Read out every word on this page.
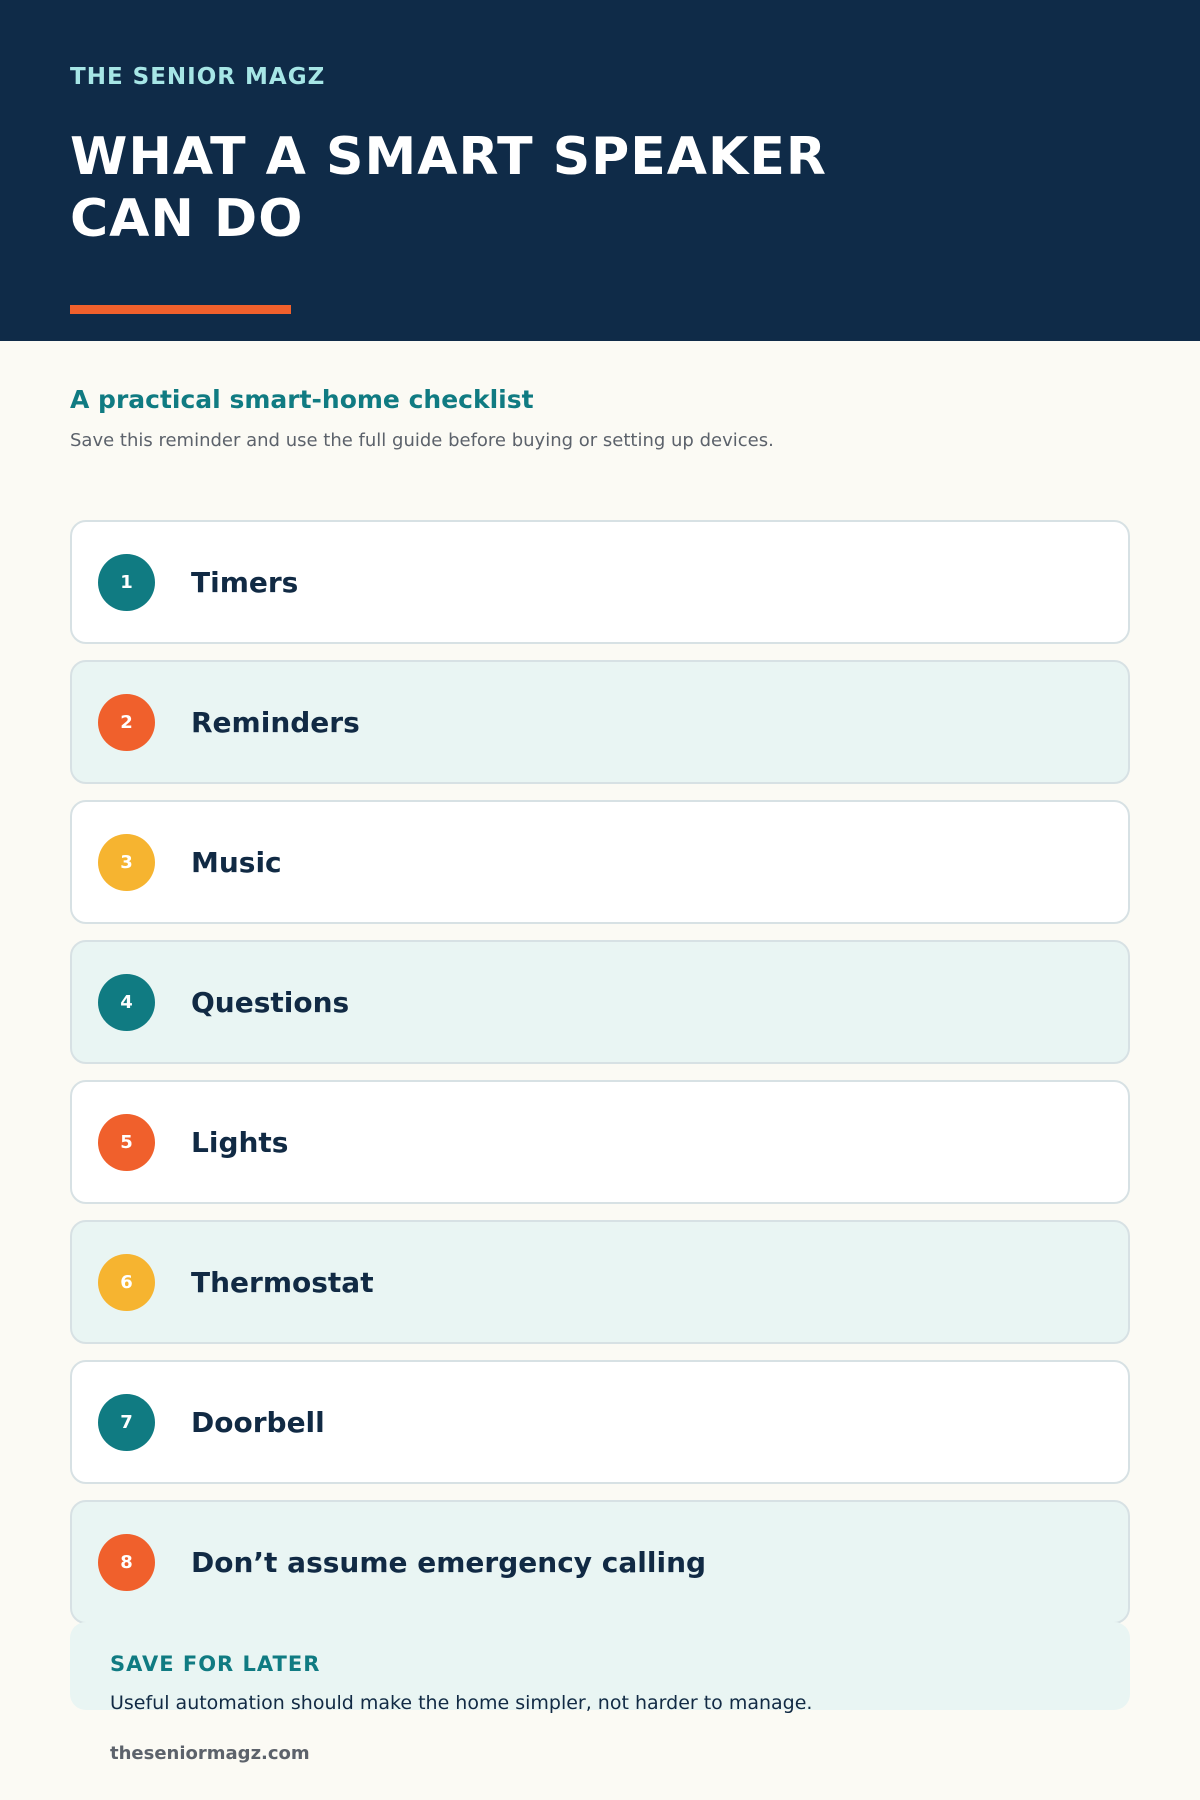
THE SENIOR MAGZ
WHAT A SMART SPEAKER CAN DO
A practical smart-home checklist
Save this reminder and use the full guide before buying or setting up devices.
1	Timers
2	Reminders
3	Music
4	Questions
5	Lights
6	Thermostat
7	Doorbell
8	Don’t assume emergency calling
SAVE FOR LATER
Useful automation should make the home simpler, not harder to manage.
theseniormagz.com
